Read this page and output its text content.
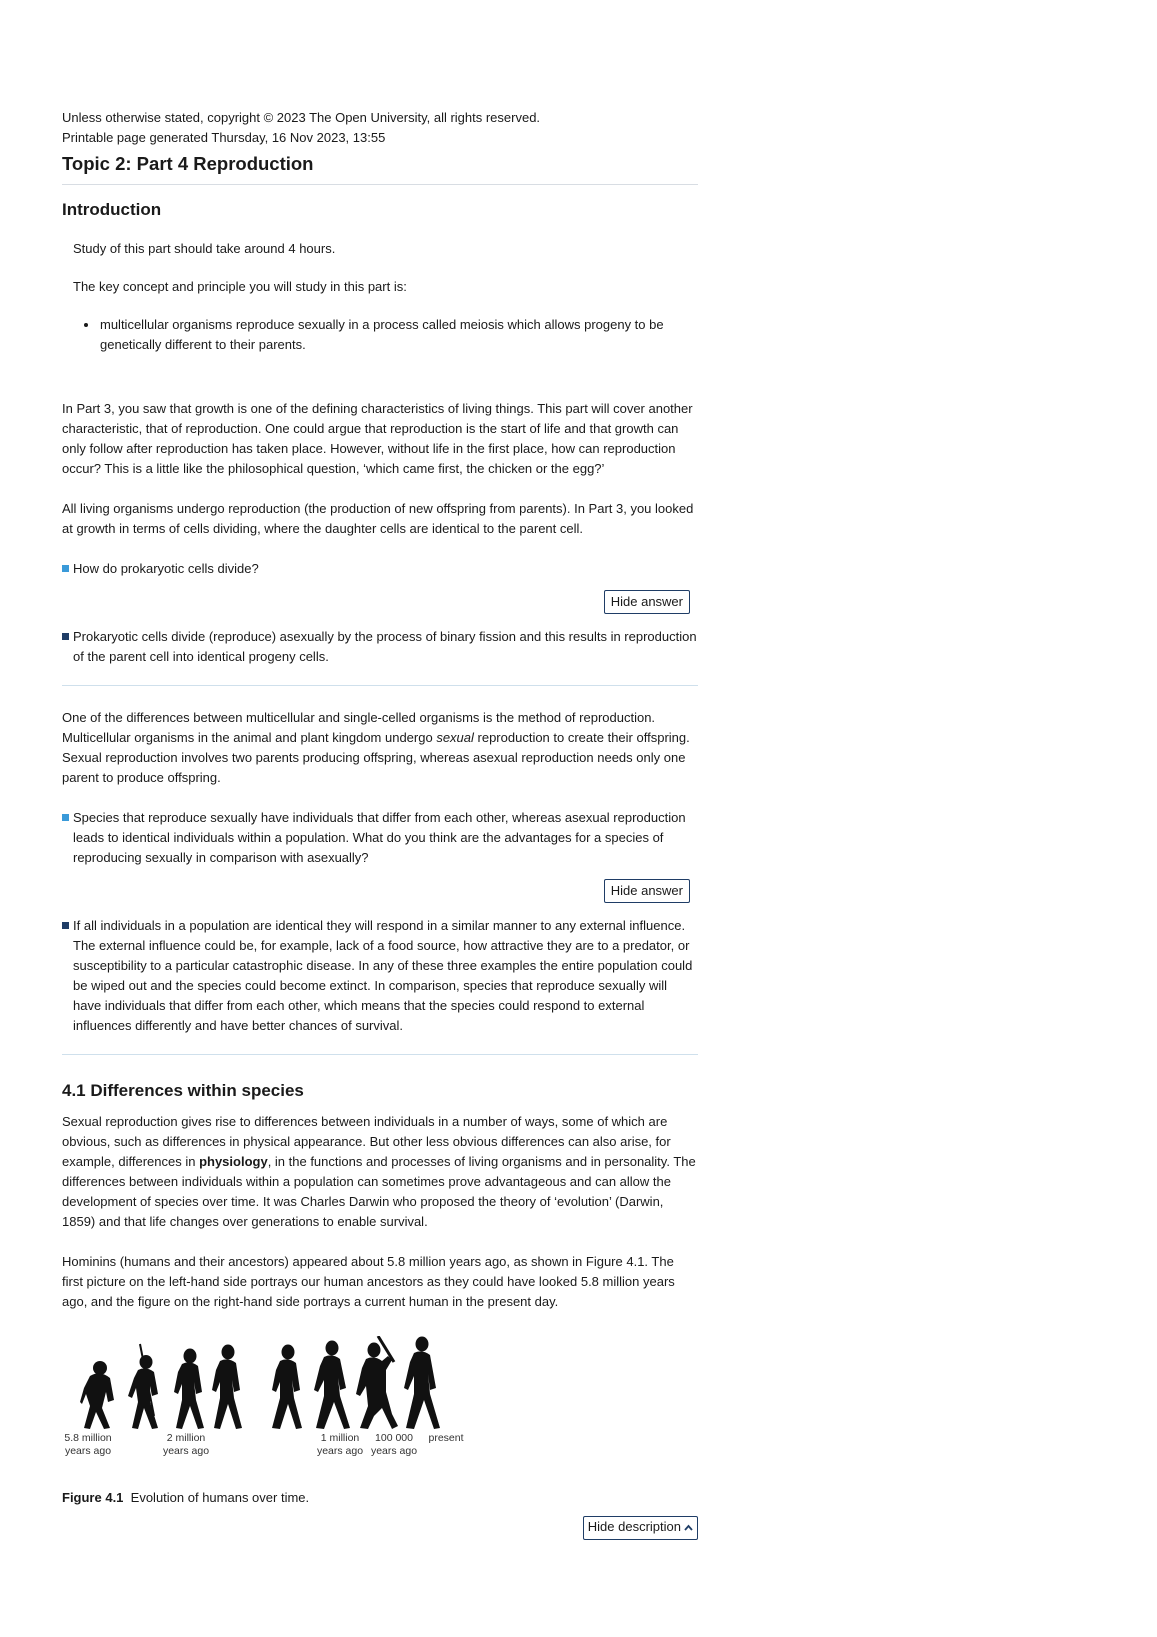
Unless otherwise stated, copyright © 2023 The Open University, all rights reserved.
Printable page generated Thursday, 16 Nov 2023, 13:55
Topic 2: Part 4 Reproduction
Introduction

Study of this part should take around 4 hours.

The key concept and principle you will study in this part is:

• multicellular organisms reproduce sexually in a process called meiosis which allows progeny to be genetically different to their parents.

In Part 3, you saw that growth is one of the defining characteristics of living things. This part will cover another characteristic, that of reproduction. One could argue that reproduction is the start of life and that growth can only follow after reproduction has taken place. However, without life in the first place, how can reproduction occur? This is a little like the philosophical question, ‘which came first, the chicken or the egg?’

All living organisms undergo reproduction (the production of new offspring from parents). In Part 3, you looked at growth in terms of cells dividing, where the daughter cells are identical to the parent cell.

How do prokaryotic cells divide?
Hide answer
Prokaryotic cells divide (reproduce) asexually by the process of binary fission and this results in reproduction of the parent cell into identical progeny cells.

One of the differences between multicellular and single-celled organisms is the method of reproduction. Multicellular organisms in the animal and plant kingdom undergo sexual reproduction to create their offspring. Sexual reproduction involves two parents producing offspring, whereas asexual reproduction needs only one parent to produce offspring.

Species that reproduce sexually have individuals that differ from each other, whereas asexual reproduction leads to identical individuals within a population. What do you think are the advantages for a species of reproducing sexually in comparison with asexually?
Hide answer
If all individuals in a population are identical they will respond in a similar manner to any external influence. The external influence could be, for example, lack of a food source, how attractive they are to a predator, or susceptibility to a particular catastrophic disease. In any of these three examples the entire population could be wiped out and the species could become extinct. In comparison, species that reproduce sexually will have individuals that differ from each other, which means that the species could respond to external influences differently and have better chances of survival.
4.1 Differences within species

Sexual reproduction gives rise to differences between individuals in a number of ways, some of which are obvious, such as differences in physical appearance. But other less obvious differences can also arise, for example, differences in physiology, in the functions and processes of living organisms and in personality. The differences between individuals within a population can sometimes prove advantageous and can allow the development of species over time. It was Charles Darwin who proposed the theory of ‘evolution’ (Darwin, 1859) and that life changes over generations to enable survival.

Hominins (humans and their ancestors) appeared about 5.8 million years ago, as shown in Figure 4.1. The first picture on the left-hand side portrays our human ancestors as they could have looked 5.8 million years ago, and the figure on the right-hand side portrays a current human in the present day.

5.8 million
years ago
2 million
years ago
1 million
years ago
100 000
years ago
present

Figure 4.1 Evolution of humans over time.

Hide description
